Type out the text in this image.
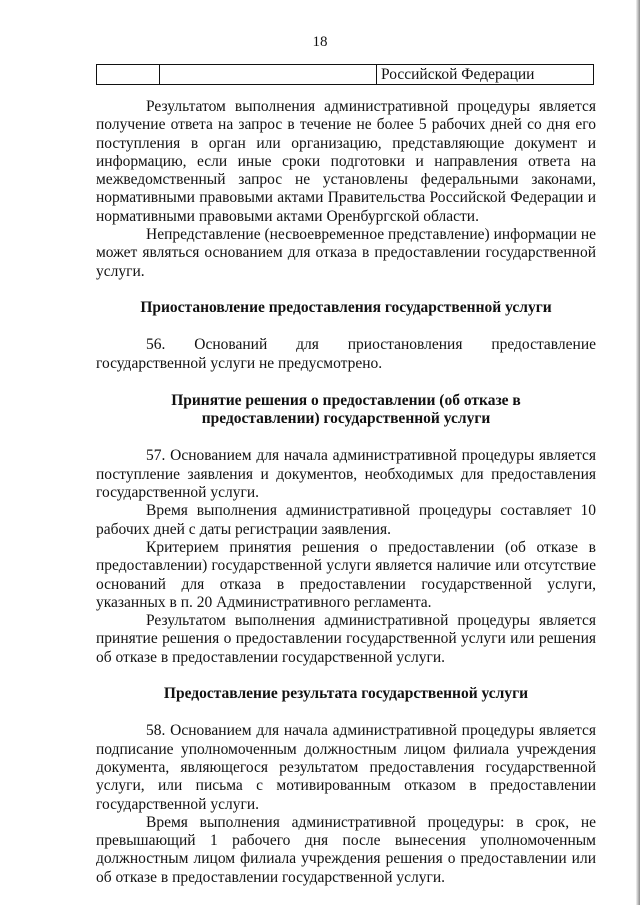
18
		Российской Федерации

Результатом выполнения административной процедуры является получение ответа на запрос в течение не более 5 рабочих дней со дня его поступления в орган или организацию, представляющие документ и информацию, если иные сроки подготовки и направления ответа на межведомственный запрос не установлены федеральными законами, нормативными правовыми актами Правительства Российской Федерации и нормативными правовыми актами Оренбургской области.

Непредставление (несвоевременное представление) информации не может являться основанием для отказа в предоставлении государственной услуги.

Приостановление предоставления государственной услуги

56. Оснований для приостановления предоставление государственной услуги не предусмотрено.

Принятие решения о предоставлении (об отказе в предоставлении) государственной услуги

57. Основанием для начала административной процедуры является поступление заявления и документов, необходимых для предоставления государственной услуги.

Время выполнения административной процедуры составляет 10 рабочих дней с даты регистрации заявления.

Критерием принятия решения о предоставлении (об отказе в предоставлении) государственной услуги является наличие или отсутствие оснований для отказа в предоставлении государственной услуги, указанных в п. 20 Административного регламента.

Результатом выполнения административной процедуры является принятие решения о предоставлении государственной услуги или решения об отказе в предоставлении государственной услуги.

Предоставление результата государственной услуги

58. Основанием для начала административной процедуры является подписание уполномоченным должностным лицом филиала учреждения документа, являющегося результатом предоставления государственной услуги, или письма с мотивированным отказом в предоставлении государственной услуги.

Время выполнения административной процедуры: в срок, не превышающий 1 рабочего дня после вынесения уполномоченным должностным лицом филиала учреждения решения о предоставлении или об отказе в предоставлении государственной услуги.
